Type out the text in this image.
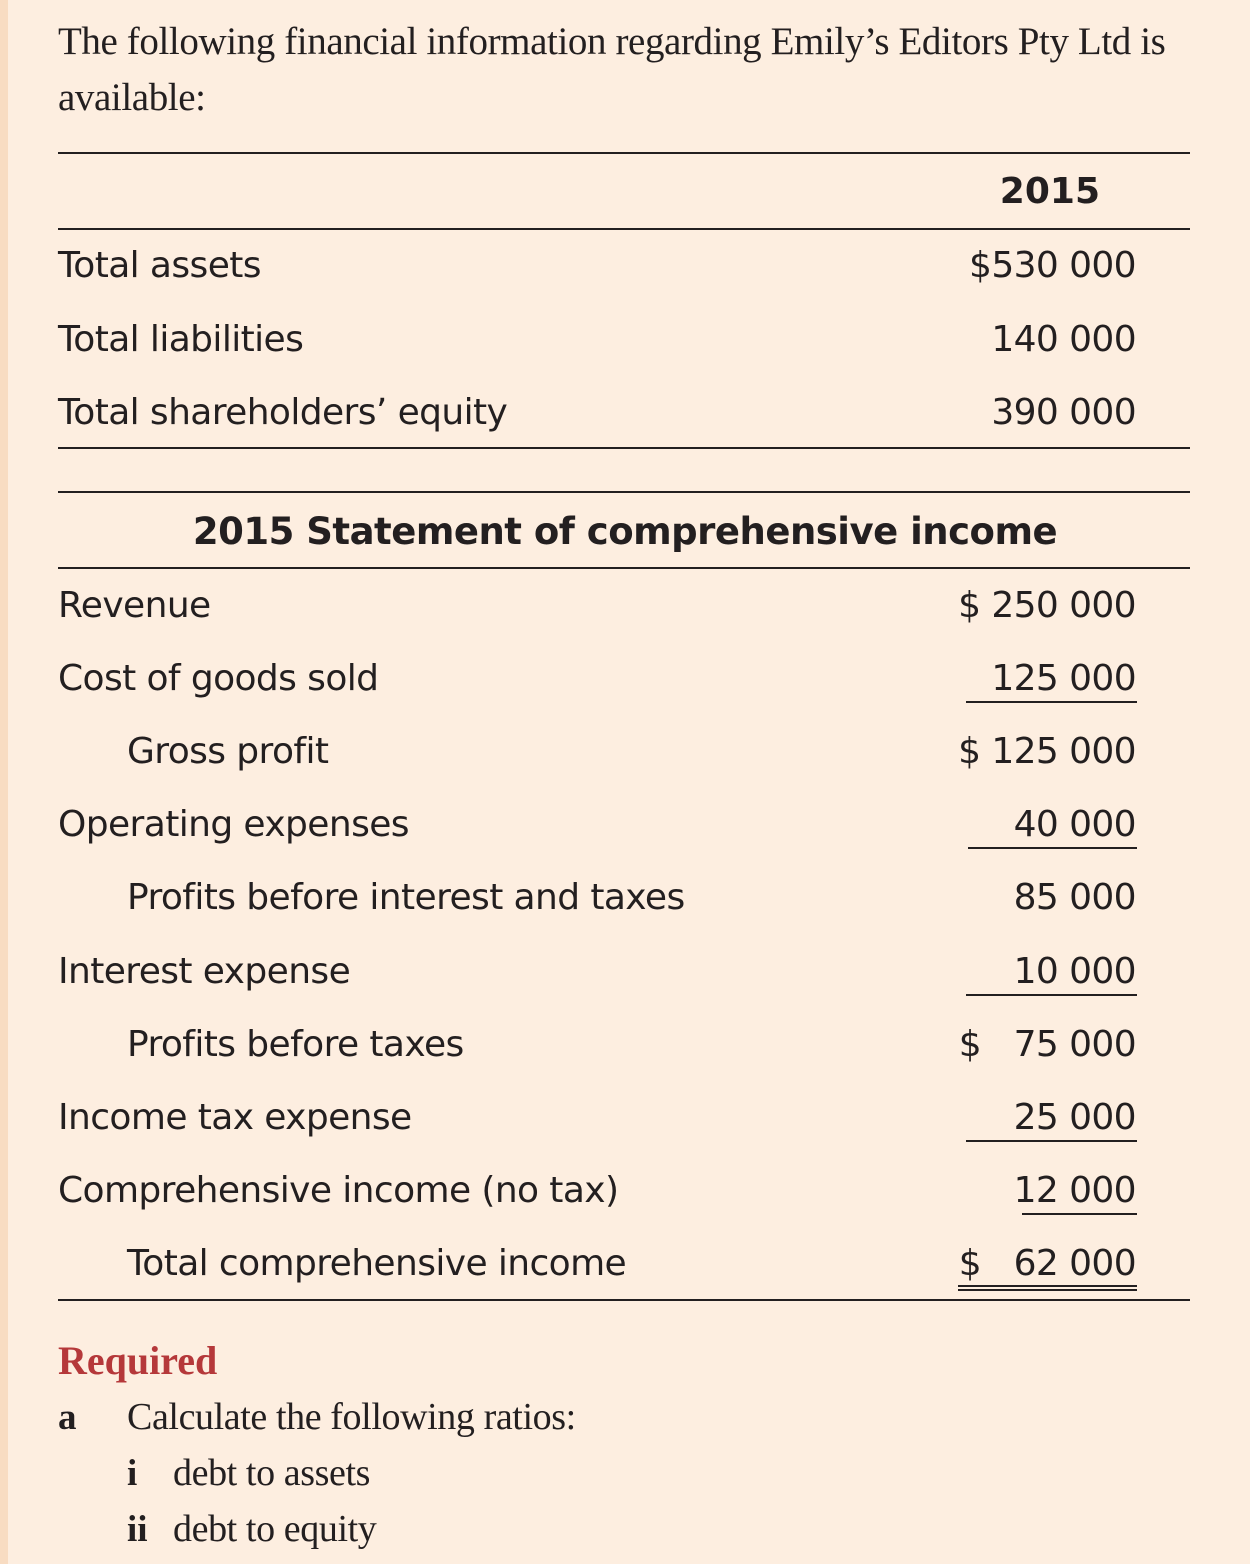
The following financial information regarding Emily’s Editors Pty Ltd is available:
2015
Total assets	$530 000
Total liabilities	140 000
Total shareholders’ equity	390 000
2015 Statement of comprehensive income
Revenue	$ 250 000
Cost of goods sold	125 000
Gross profit	$ 125 000
Operating expenses	40 000
Profits before interest and taxes	85 000
Interest expense	10 000
Profits before taxes	$   75 000
Income tax expense	25 000
Comprehensive income (no tax)	12 000
Total comprehensive income	$   62 000
Required
a Calculate the following ratios:
i debt to assets
ii debt to equity
